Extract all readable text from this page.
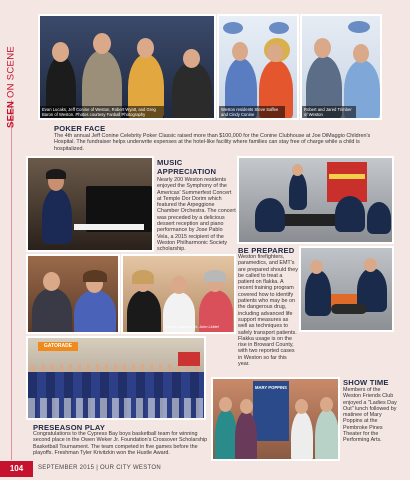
SEEN ON SCENE
Evan Lucaks, Jeff Conine of Weston, Robert Wyatt, and Greg Baron of Weston. Photos courtesy Fanball Photography
Weston residents Steve Saffee and Cindy Conine
Robert and Jared Trimber of Weston
POKER FACE
The 4th annual Jeff Conine Celebrity Poker Classic raised more than $100,000 for the Conine Clubhouse at Joe DiMaggio Children's Hospital. The fundraiser helps underwrite expenses at the hotel-like facility where families can stay free of charge while a child is hospitalized.
MUSIC
APPRECIATION
Nearly 200 Weston residents enjoyed the Symphony of the Americas' Summerfest Concert at Temple Dor Dorim which featured the Arpeggione Chamber Orchestra. The concert was preceded by a delicious dessert reception and piano performance by Jose Pablo Vela, a 2015 recipient of the Weston Philharmonic Society scholarship.
Photos courtesy Dr. John Liddel
BE PREPARED
Weston firefighters, paramedics, and EMT's are prepared should they be called to treat a patient on flakka. A recent training program covered how to identify patients who may be on the dangerous drug, including advanced life support measures as well as techniques to safely transport patients. Flakka usage is on the rise in Broward County, with two reported cases in Weston so far this year.
GATORADE
PRESEASON PLAY
Congratulations to the Cypress Bay boys basketball team for winning second place in the Owen Weker Jr. Foundation's Crossover Scholarship Basketball Tournament. The team competed in five games before the playoffs. Freshman Tyler Krivitzkin won the Hustle Award.
MARY POPPINS
SHOW TIME
Members of the Weston Friends Club enjoyed a "Ladies Day Out" lunch followed by matinee of Mary Poppins at the Pembroke Pines Theater for the Performing Arts.
104	SEPTEMBER 2015 | OUR CITY WESTON
